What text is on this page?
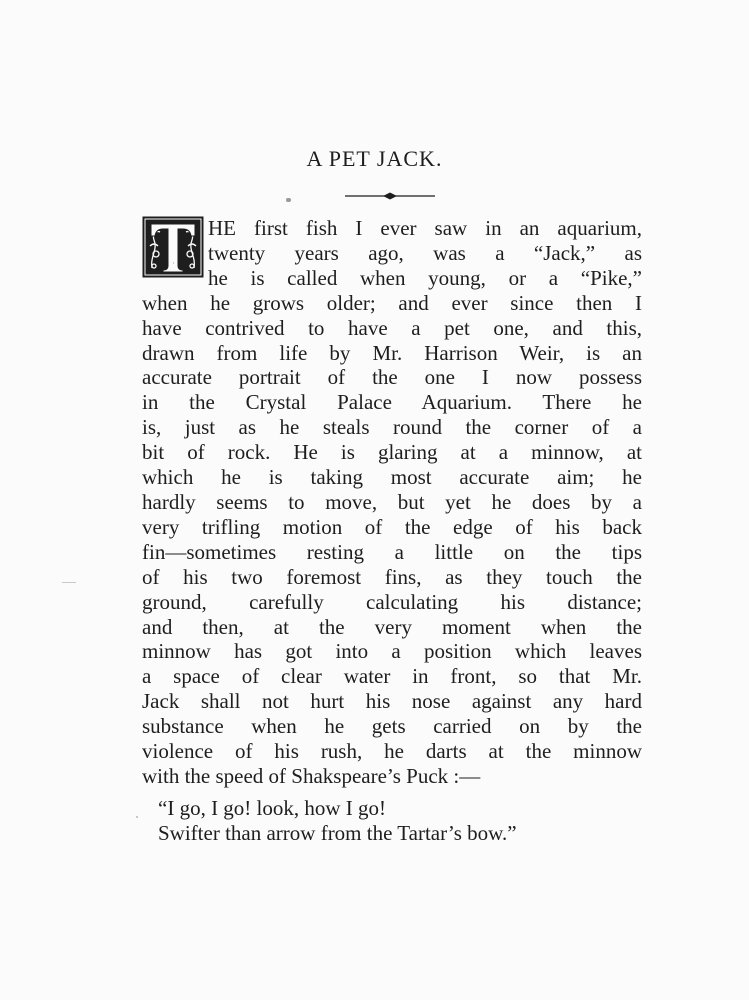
A PET JACK.
T
HE first fish I ever saw in an aquarium,
twenty years ago, was a “Jack,” as
he is called when young, or a “Pike,”
when he grows older; and ever since then I
have contrived to have a pet one, and this,
drawn from life by Mr. Harrison Weir, is an
accurate portrait of the one I now possess
in the Crystal Palace Aquarium. There he
is, just as he steals round the corner of a
bit of rock. He is glaring at a minnow, at
which he is taking most accurate aim; he
hardly seems to move, but yet he does by a
very trifling motion of the edge of his back
fin—sometimes resting a little on the tips
of his two foremost fins, as they touch the
ground, carefully calculating his distance;
and then, at the very moment when the
minnow has got into a position which leaves
a space of clear water in front, so that Mr.
Jack shall not hurt his nose against any hard
substance when he gets carried on by the
violence of his rush, he darts at the minnow
with the speed of Shakspeare’s Puck :—
“I go, I go! look, how I go!
Swifter than arrow from the Tartar’s bow.”
